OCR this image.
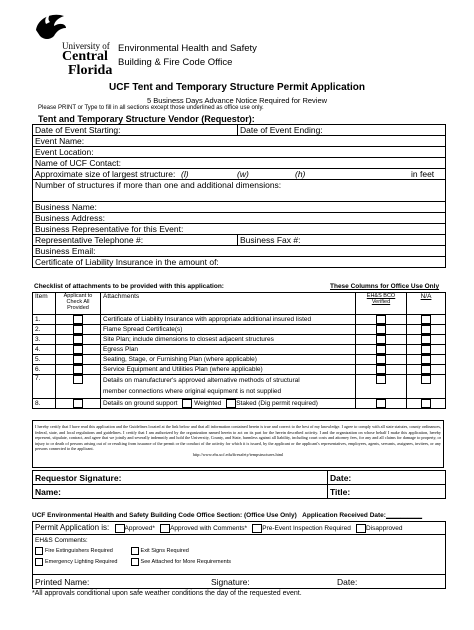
University of
Central
Florida
Environmental Health and Safety
Building & Fire Code Office
UCF Tent and Temporary Structure Permit Application
5 Business Days Advance Notice Required for Review
Please PRINT or Type to fill in all sections except those underlined as office use only.
Tent and Temporary Structure Vendor (Requestor):
Date of Event Starting:	Date of Event Ending:
Event Name:	
Event Location:	
Name of UCF Contact:	
Approximate size of largest structure: (l) (w) (h) in feet	

Number of structures if more than one and additional dimensions:	
Business Name:	
Business Address:	
Business Representative for this Event:	
Representative Telephone #:	Business Fax #:
Business Email:	
Certificate of Liability Insurance in the amount of:	
Checklist of attachments to be provided with this application:	These Columns for Office Use Only
Item	Applicant to Check All Provided	Attachments	EH&S BCO Verified	N/A
1.		Certificate of Liability Insurance with appropriate additional insured listed		
2.		Flame Spread Certificate(s)		
3.		Site Plan; include dimensions to closest adjacent structures		
4.		Egress Plan		
5.		Seating, Stage, or Furnishing Plan (where applicable)		
6.		Service Equipment and Utilities Plan (where applicable)		
7.		Details on manufacturer's approved alternative methods of structural
member connections where original equipment is not supplied		

8.		Details on ground support Weighted Staked (Dig permit required)		
I hereby certify that I have read this application and the Guidelines located at the link below and that all information contained herein is true and correct to the best of my knowledge. I agree to comply with all state statutes, county ordinances, federal, state, and local regulations and guidelines. I certify that I am authorized by the organization named herein to act on its part for the herein described activity. I and the organization on whose behalf I make this application, hereby represent, stipulate, contract, and agree that we jointly and severally indemnify and hold the University, County, and State, harmless against all liability, including court costs and attorney fees, for any and all claims for damage to property, or injury to or death of persons arising out of or resulting from issuance of the permit or the conduct of the activity for which it is issued, by the applicant or the applicant's representatives, employees, agents, servants, assignees, invitees, or any persons connected to the applicant.
http://www.ehs.ucf.edu/firesafety/tempstructures.html
Requestor Signature:	Date:
Name:	Title:
UCF Environmental Health and Safety Building Code Office Section: (Office Use Only) Application Received Date:__________
Permit Application is: Approved* Approved with Comments* Pre-Event Inspection Required Disapproved

EH&S Comments:
Fire Extinguishers Required	Exit Signs Required
Emergency Lighting Required	See Attached for More Requirements

Printed Name:	Signature:	Date:
*All approvals conditional upon safe weather conditions the day of the requested event.
